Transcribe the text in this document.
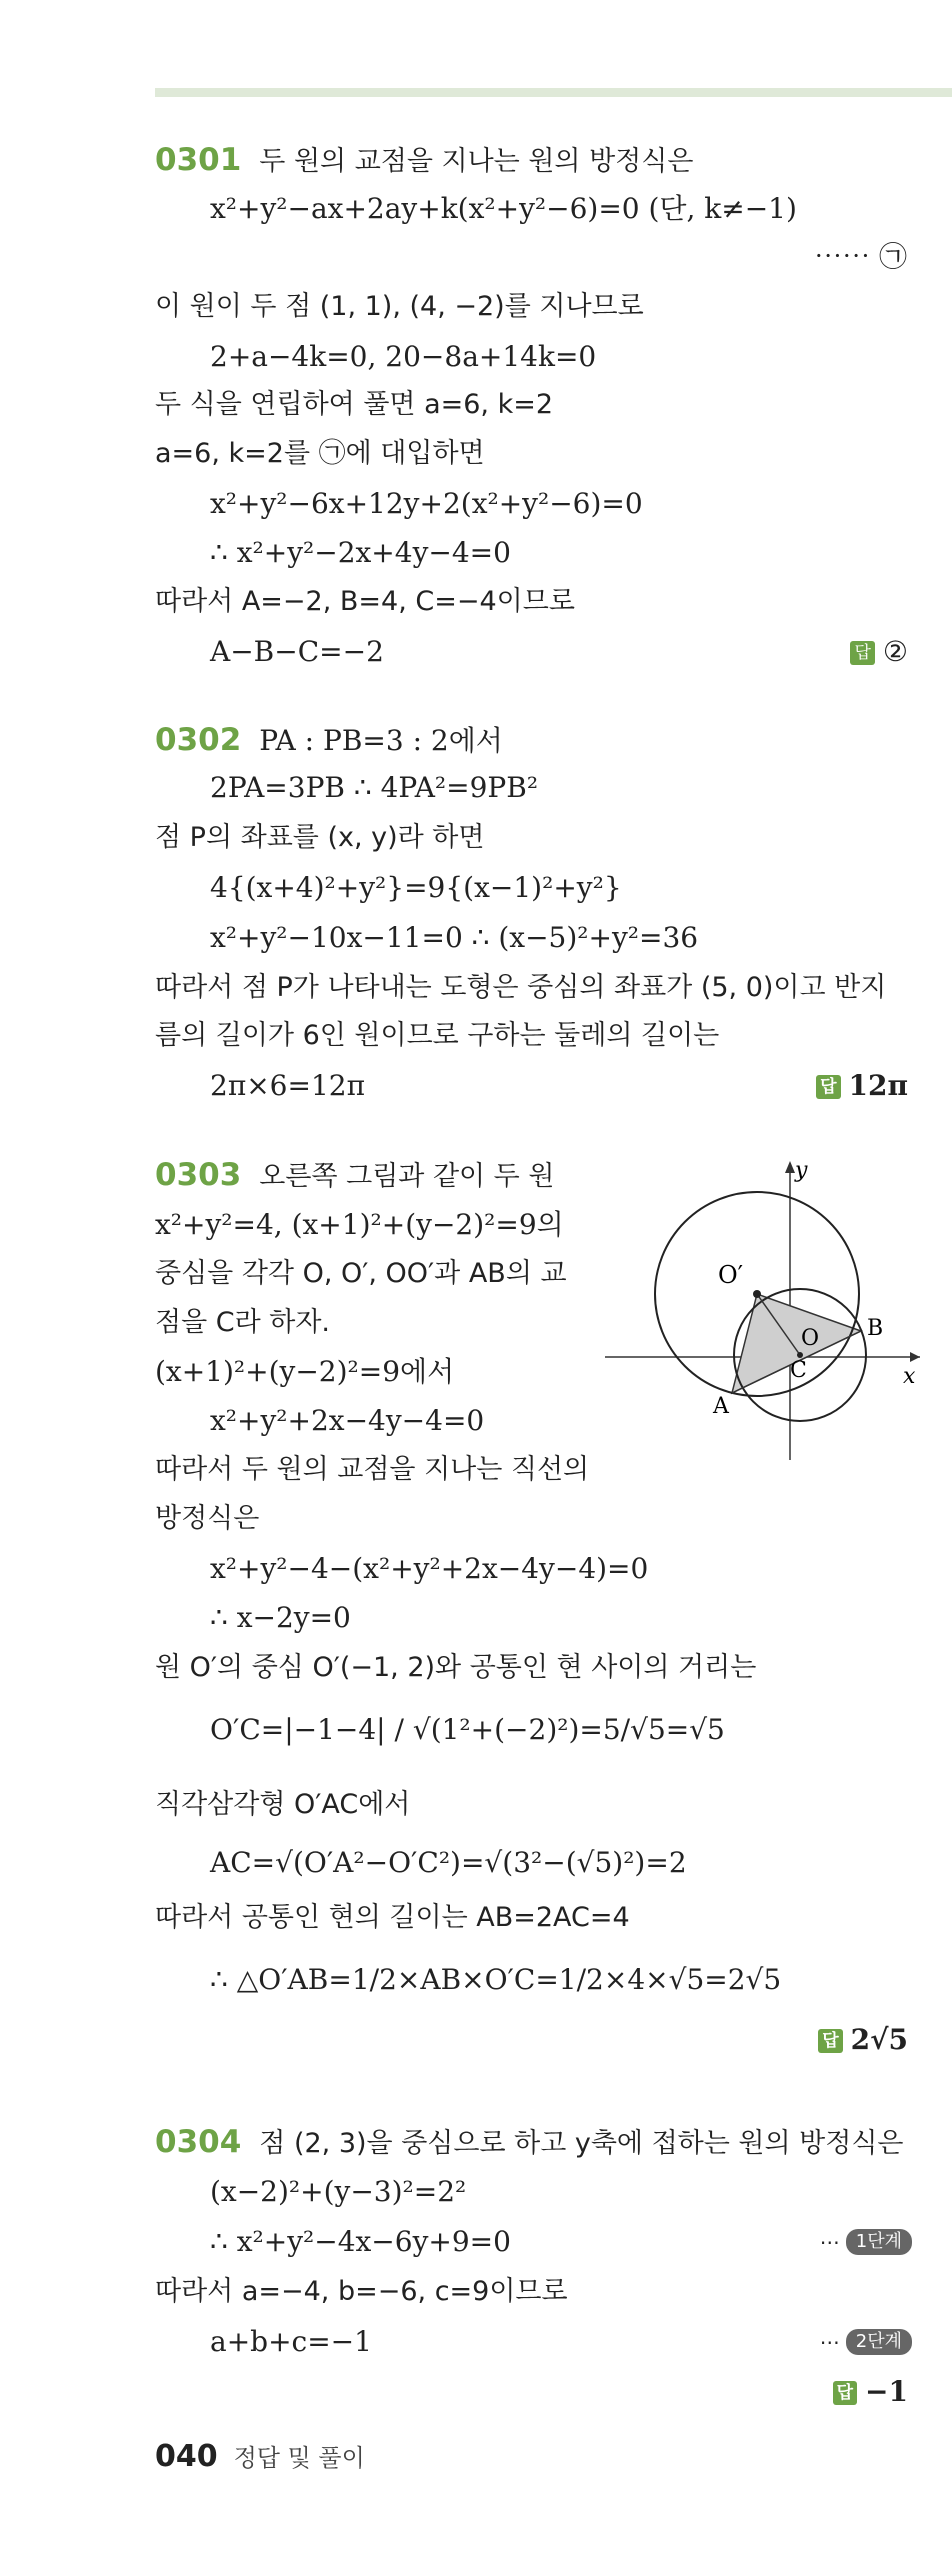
0301 두 원의 교점을 지나는 원의 방정식은
x²+y²−ax+2ay+k(x²+y²−6)=0 (단, k≠−1)
⋯⋯ ㉠
이 원이 두 점 (1, 1), (4, −2)를 지나므로
2+a−4k=0, 20−8a+14k=0
두 식을 연립하여 풀면 a=6, k=2
a=6, k=2를 ㉠에 대입하면
x²+y²−6x+12y+2(x²+y²−6)=0
∴ x²+y²−2x+4y−4=0
따라서 A=−2, B=4, C=−4이므로
A−B−C=−2	답 ②
0302 PA : PB=3 : 2에서
2PA=3PB ∴ 4PA²=9PB²
점 P의 좌표를 (x, y)라 하면
4{(x+4)²+y²}=9{(x−1)²+y²}
x²+y²−10x−11=0 ∴ (x−5)²+y²=36
따라서 점 P가 나타내는 도형은 중심의 좌표가 (5, 0)이고 반지
름의 길이가 6인 원이므로 구하는 둘레의 길이는
2π×6=12π	답 12π
0303 오른쪽 그림과 같이 두 원
x²+y²=4, (x+1)²+(y−2)²=9의
중심을 각각 O, O′, OO′과 AB의 교
점을 C라 하자.
(x+1)²+(y−2)²=9에서
x²+y²+2x−4y−4=0
따라서 두 원의 교점을 지나는 직선의
방정식은
x²+y²−4−(x²+y²+2x−4y−4)=0
∴ x−2y=0
원 O′의 중심 O′(−1, 2)와 공통인 현 사이의 거리는
O′C=|−1−4| / √(1²+(−2)²)=5/√5=√5
직각삼각형 O′AC에서
AC=√(O′A²−O′C²)=√(3²−(√5)²)=2
따라서 공통인 현의 길이는 AB=2AC=4
∴ △O′AB=1/2×AB×O′C=1/2×4×√5=2√5
답 2√5
O′
y
x
O B
C
A
0304 점 (2, 3)을 중심으로 하고 y축에 접하는 원의 방정식은
(x−2)²+(y−3)²=2²
∴ x²+y²−4x−6y+9=0	⋯ 1단계
따라서 a=−4, b=−6, c=9이므로
a+b+c=−1	⋯ 2단계
답 −1
040 정답 및 풀이
